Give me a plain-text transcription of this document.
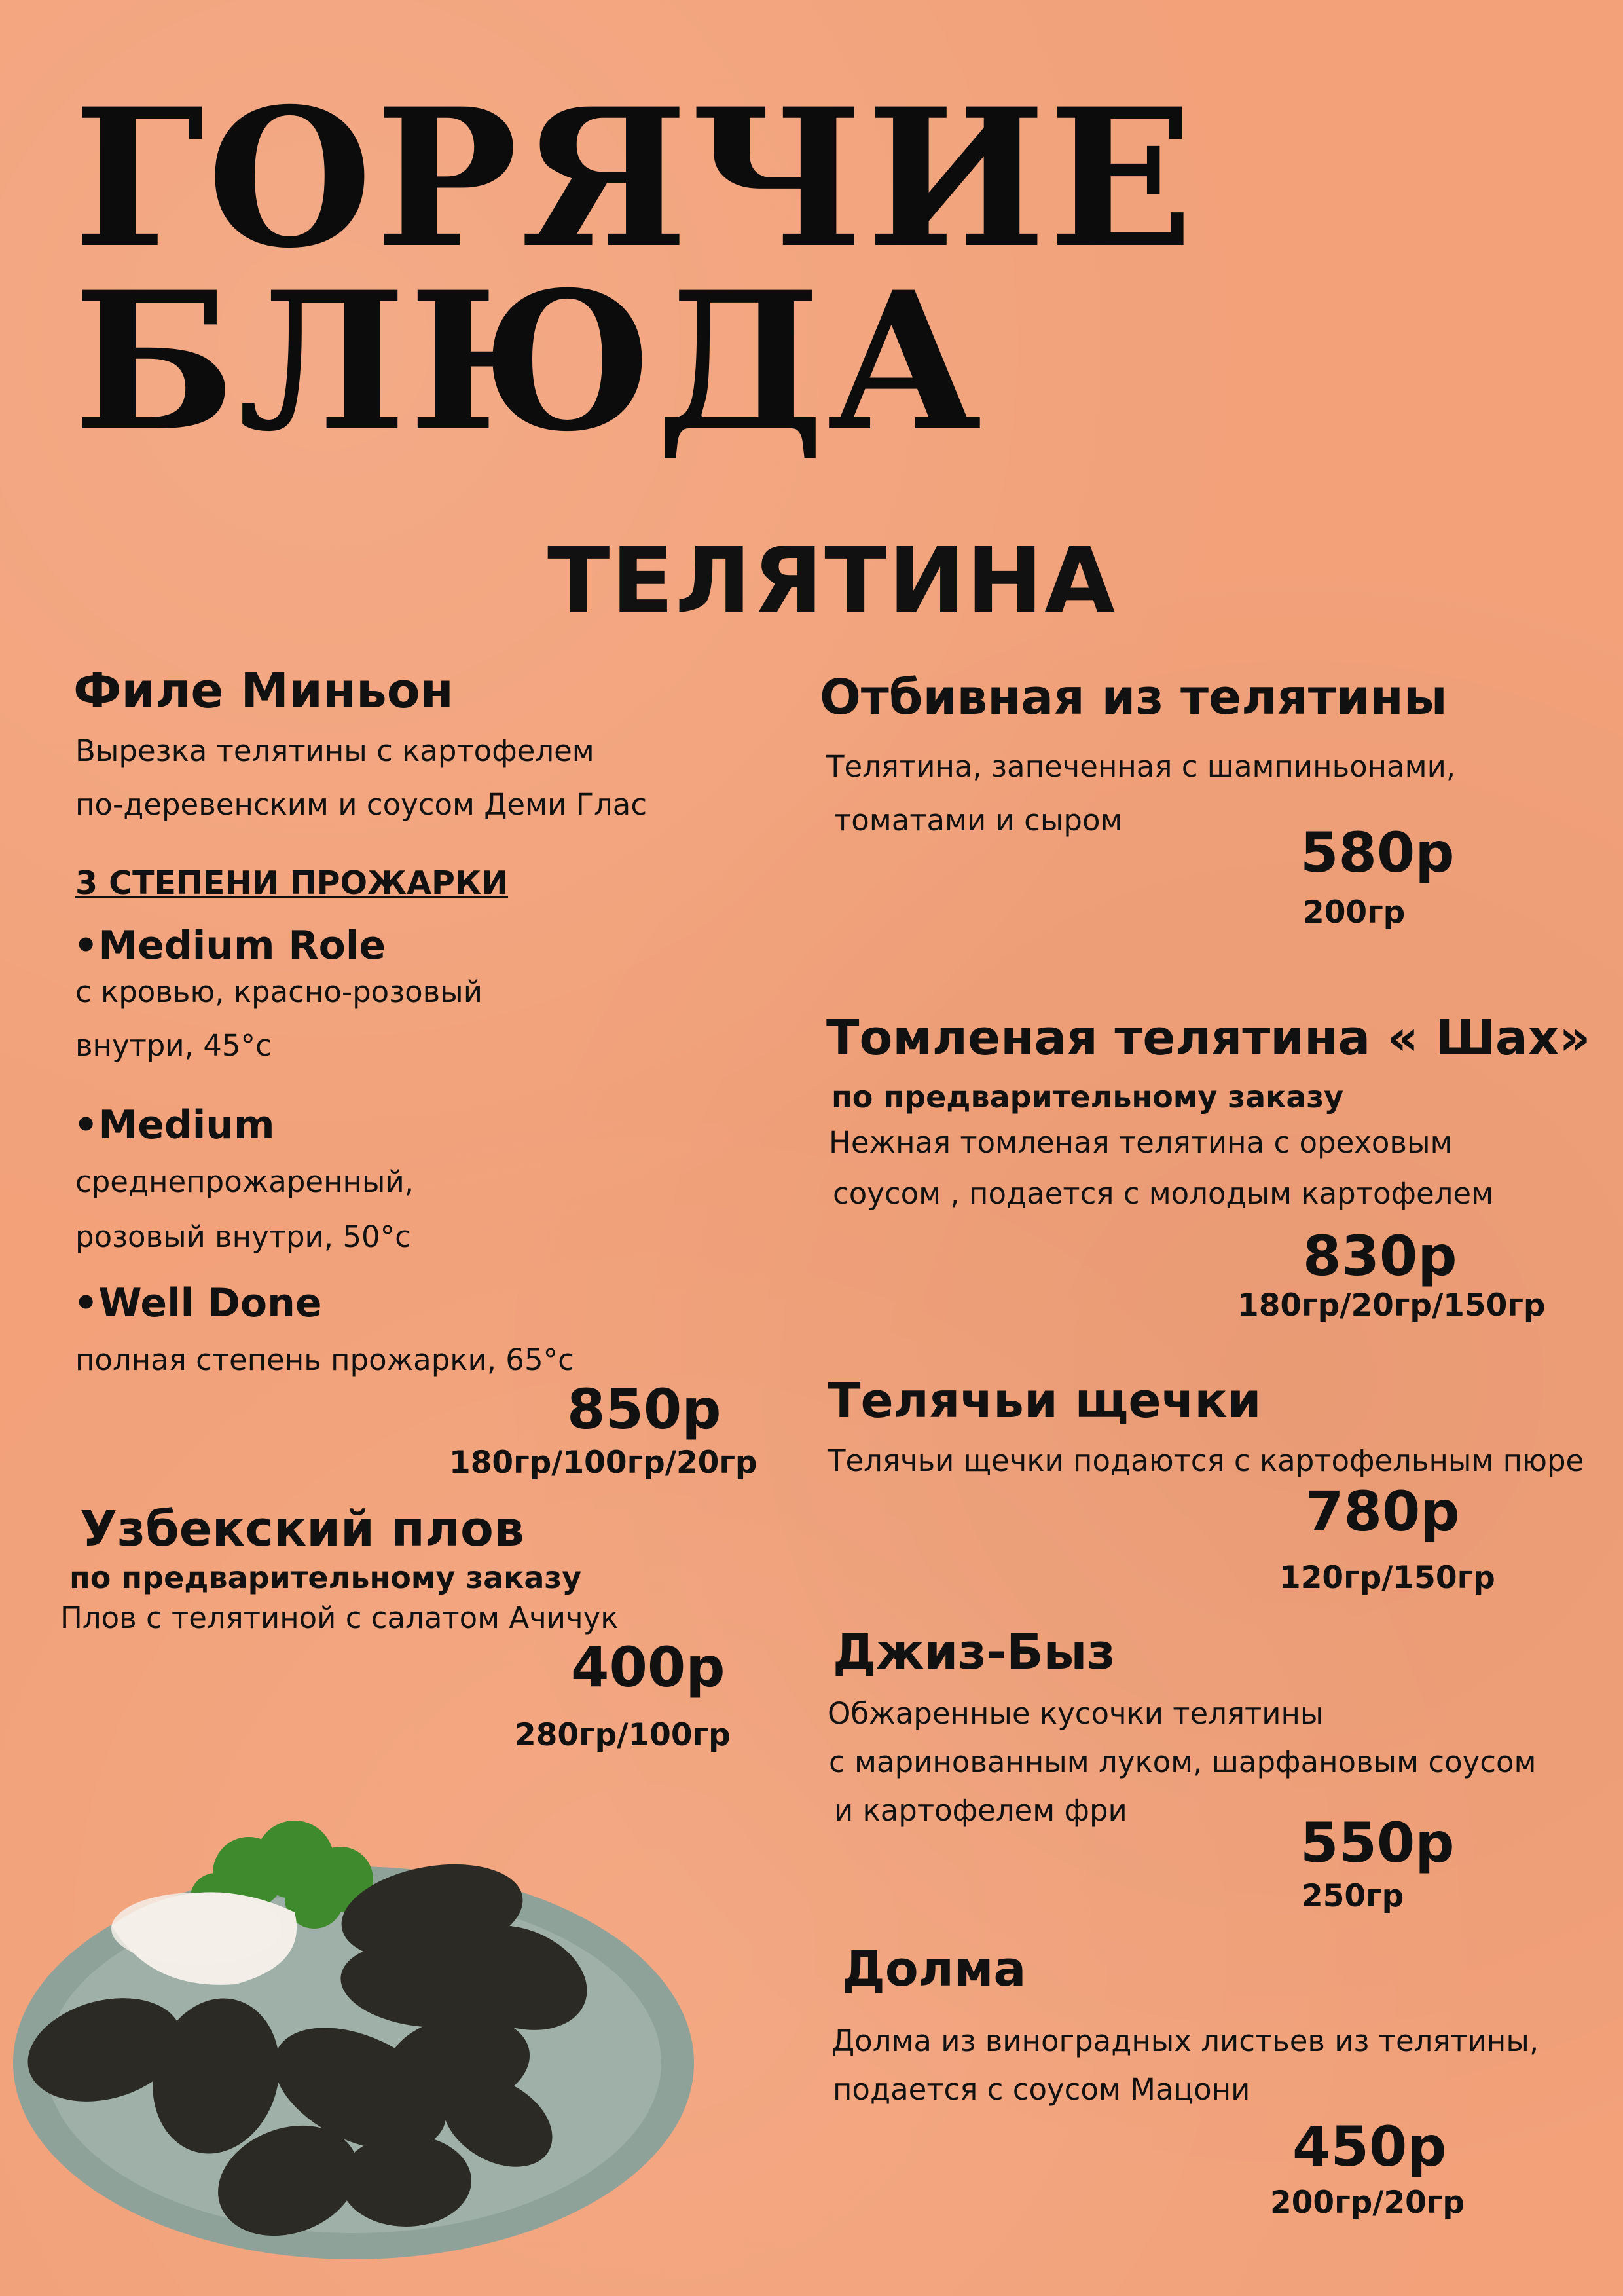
ГОРЯЧИЕ
БЛЮДА
ТЕЛЯТИНА
Филе Миньон
Вырезка телятины с картофелем
по-деревенским и соусом Деми Глас
3 СТЕПЕНИ ПРОЖАРКИ
•Medium Role
с кровью, красно-розовый
внутри, 45°с
•Medium
среднепрожаренный,
розовый внутри, 50°с
•Well Done
полная степень прожарки, 65°с
850р
180гр/100гр/20гр
Узбекский плов
по предварительному заказу
Плов с телятиной с салатом Ачичук
400р
280гр/100гр
Отбивная из телятины
Телятина, запеченная с шампиньонами,
томатами и сыром
580р
200гр
Томленая телятина « Шах»
по предварительному заказу
Нежная томленая телятина с ореховым
соусом , подается с молодым картофелем
830р
180гр/20гр/150гр
Телячьи щечки
Телячьи щечки подаются с картофельным пюре
780р
120гр/150гр
Джиз-Быз
Обжаренные кусочки телятины
с маринованным луком, шарфановым соусом
и картофелем фри
550р
250гр
Долма
Долма из виноградных листьев из телятины,
подается с соусом Мацони
450р
200гр/20гр
